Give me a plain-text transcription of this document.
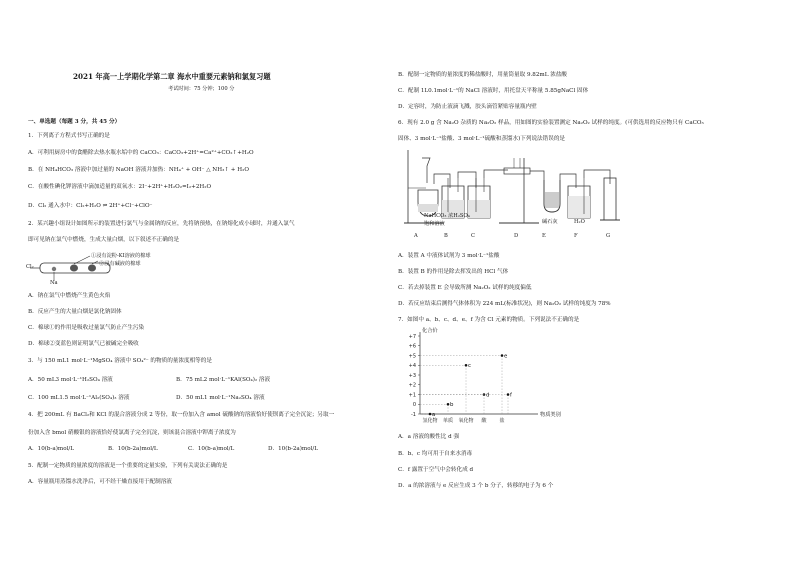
2021 年高一上学期化学第二章 海水中重要元素钠和氯复习题
考试时间：75 分钟；100 分
一、单选题（每题 3 分，共 45 分）
1．下列离子方程式书写正确的是
A．可利用厨房中的食醋除去热水瓶水垢中的 CaCO₃：CaCO₃+2H⁺=Ca²⁺+CO₂↑+H₂O
B．在 NH₄HCO₃ 溶液中加过量的 NaOH 溶液并加热：NH₄⁺ + OH⁻ △ NH₃↑ + H₂O
C．在酸性碘化钾溶液中滴加适量的双氧水：2I⁻+2H⁺+H₂O₂=I₂+2H₂O
D．Cl₂ 通入水中：Cl₂+H₂O ⇌ 2H⁺+Cl⁻+ClO⁻
2．某兴趣小组设计如图所示的装置进行氯气与金属钠的反应，先将钠预热，在钠熔化成小球时，并通入氯气
即可见钠在氯气中燃烧，生成大量白烟，以下叙述不正确的是
Cl₂
Na
①浸有淀粉-KI溶液的棉球
②浸有碱液的棉球
A．钠在氯气中燃烧产生黄色火焰
B．反应产生的大量白烟是氯化钠固体
C．棉球①的作用是吸收过量氯气防止产生污染
D．棉球②变蓝色则证明氯气已被碱完全吸收
3．与 150 mL1 mol·L⁻¹MgSO₄ 溶液中 SO₄²⁻ 的物质的量浓度相等的是
A．50 mL3 mol·L⁻¹H₂SO₄ 溶液	B．75 mL2 mol·L⁻¹KAl(SO₄)₂ 溶液
C．100 mL1.5 mol·L⁻¹Al₂(SO₄)₃ 溶液	D．50 mL1 mol·L⁻¹Na₂SO₄ 溶液
4．把 200mL 有 BaCl₂和 KCl 的混合溶液分成 2 等份，取一份加入含 amol 硫酸钠的溶液恰好使钡离子完全沉淀；另取一
份加入含 bmol 硝酸银的溶液恰好使氯离子完全沉淀，则该混合溶液中钾离子浓度为
A．10(b-a)mol/L	B．10(b-2a)mol/L	C．10(b-a)mol/L	D．10(b-2a)mol/L
5．配制一定物质的量浓度的溶液是一个重要的定量实验，下列有关说法正确的是
A．容量瓶用蒸馏水洗净后，可不经干燥直接用于配制溶液
B．配制一定物质的量浓度的稀盐酸时，用量筒量取 9.82mL 浓盐酸
C．配制 1L0.1mol·L⁻¹的 NaCl 溶液时，用托盘天平称量 5.85gNaCl 固体
D．定容时，为防止液滴飞溅，胶头滴管紧贴容量瓶内壁
6．现有 2.0 g 含 Na₂O 杂质的 Na₂O₂ 样品，用如图的实验装置测定 Na₂O₂ 试样的纯度。(可供选用的反应物只有 CaCO₃
固体、3 mol·L⁻¹盐酸、3 mol·L⁻¹硫酸和蒸馏水)下列说法错误的是
NaHCO₃ 浓H₂SO₄
饱和溶液	碱石灰	H₂O
A	B	C	D	E	F	G
A．装置 A 中液体试剂为 3 mol·L⁻¹盐酸
B．装置 B 的作用是除去挥发出的 HCl 气体
C．若去掉装置 E 会导致所测 Na₂O₂ 试样的纯度偏低
D．若反应结束后测得气体体积为 224 mL(标准状况)，则 Na₂O₂ 试样的纯度为 78%
7．如图中 a、b、c、d、e、f 为含 Cl 元素的物质。下列说法不正确的是
化合价
物质类别
+7
+6
+5
+4
+3
+2
+1
0
-1
氢化物 单质 氧化物 酸	盐
a
b
c
d
e
f
A．a 溶液的酸性比 d 强
B．b、c 均可用于自来水消毒
C．f 露置于空气中会转化成 d
D．a 的浓溶液与 e 反应生成 3 个 b 分子，转移的电子为 6 个
